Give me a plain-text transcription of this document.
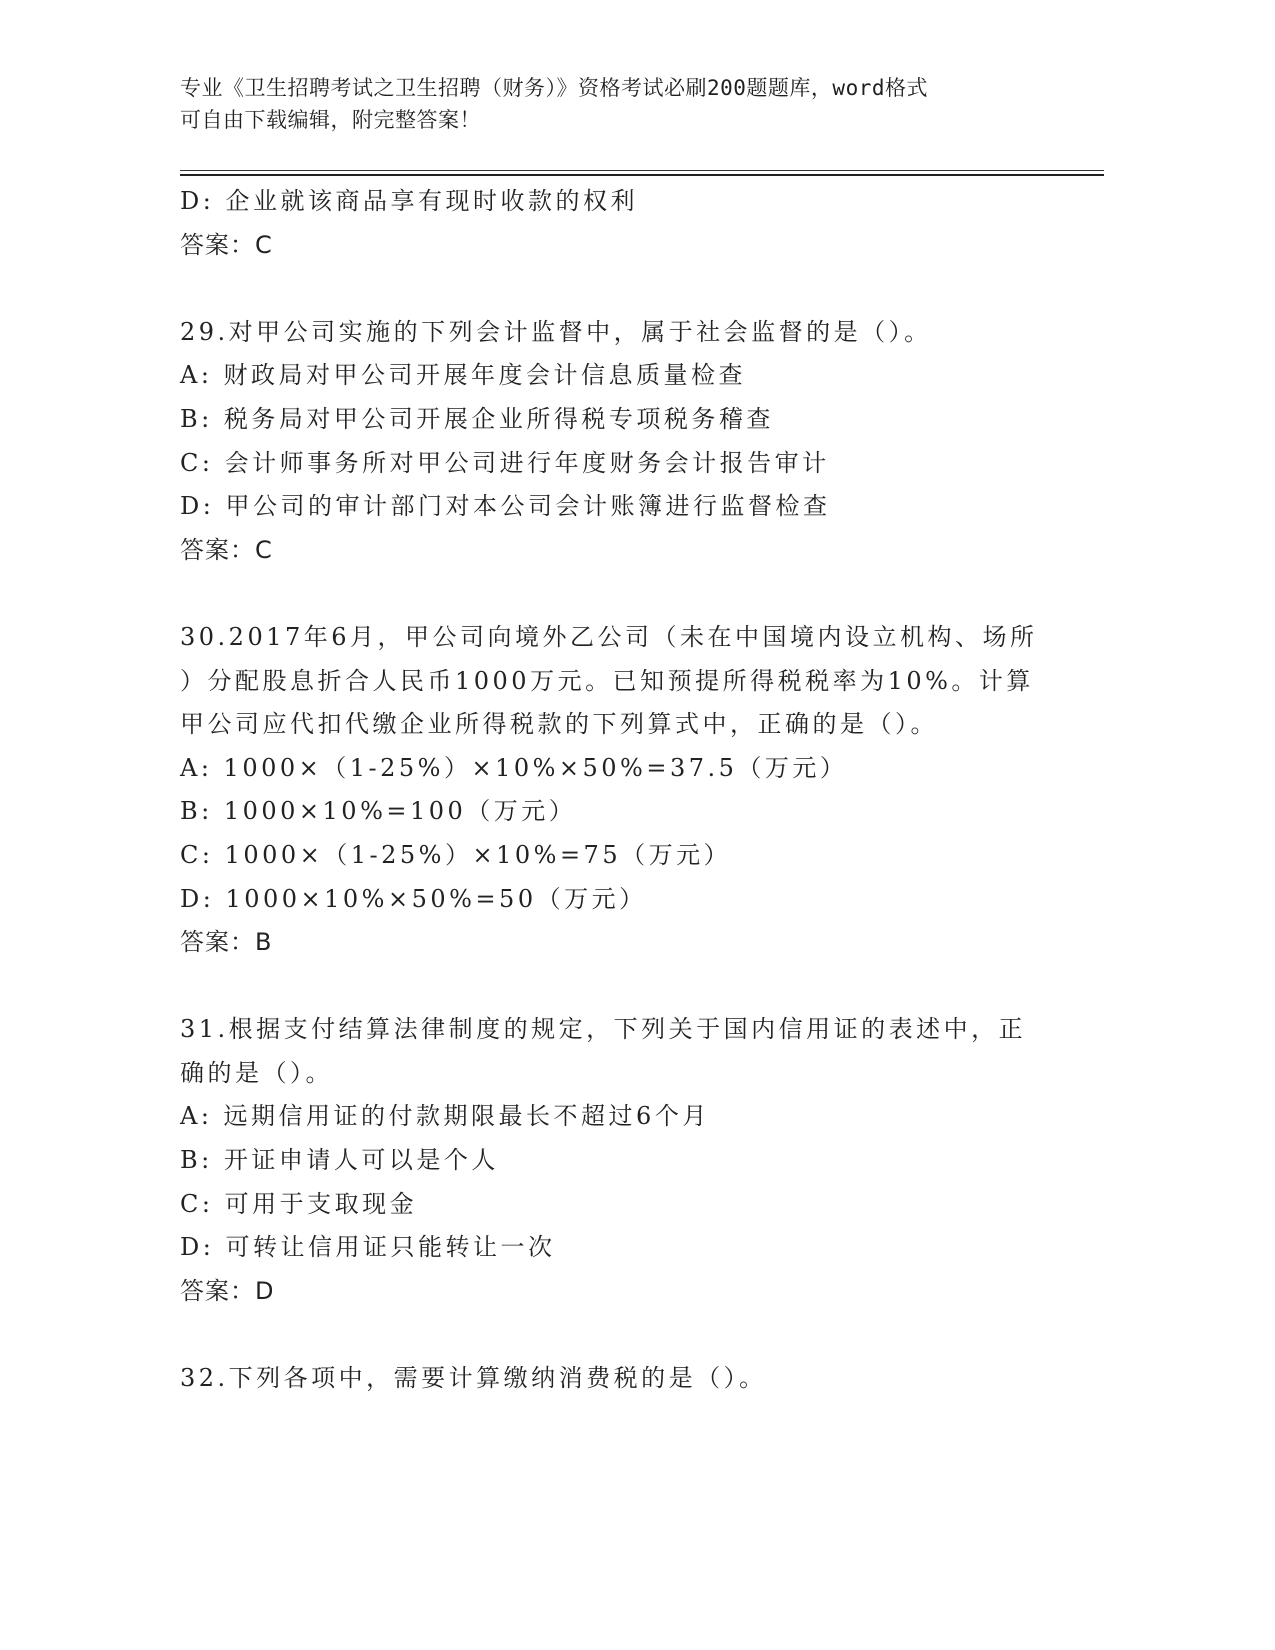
专业《卫生招聘考试之卫生招聘（财务）》资格考试必刷200题题库，word格式
可自由下载编辑，附完整答案！
D: 企业就该商品享有现时收款的权利
答案：C
29.对甲公司实施的下列会计监督中，属于社会监督的是（）。
A: 财政局对甲公司开展年度会计信息质量检查
B: 税务局对甲公司开展企业所得税专项税务稽查
C: 会计师事务所对甲公司进行年度财务会计报告审计
D: 甲公司的审计部门对本公司会计账簿进行监督检查
答案：C
30.2017年6月，甲公司向境外乙公司（未在中国境内设立机构、场所
）分配股息折合人民币1000万元。已知预提所得税税率为10%。计算
甲公司应代扣代缴企业所得税款的下列算式中，正确的是（）。
A: 1000×（1-25%）×10%×50%=37.5（万元）
B: 1000×10%=100（万元）
C: 1000×（1-25%）×10%=75（万元）
D: 1000×10%×50%=50（万元）
答案：B
31.根据支付结算法律制度的规定，下列关于国内信用证的表述中，正
确的是（）。
A: 远期信用证的付款期限最长不超过6个月
B: 开证申请人可以是个人
C: 可用于支取现金
D: 可转让信用证只能转让一次
答案：D
32.下列各项中，需要计算缴纳消费税的是（）。
